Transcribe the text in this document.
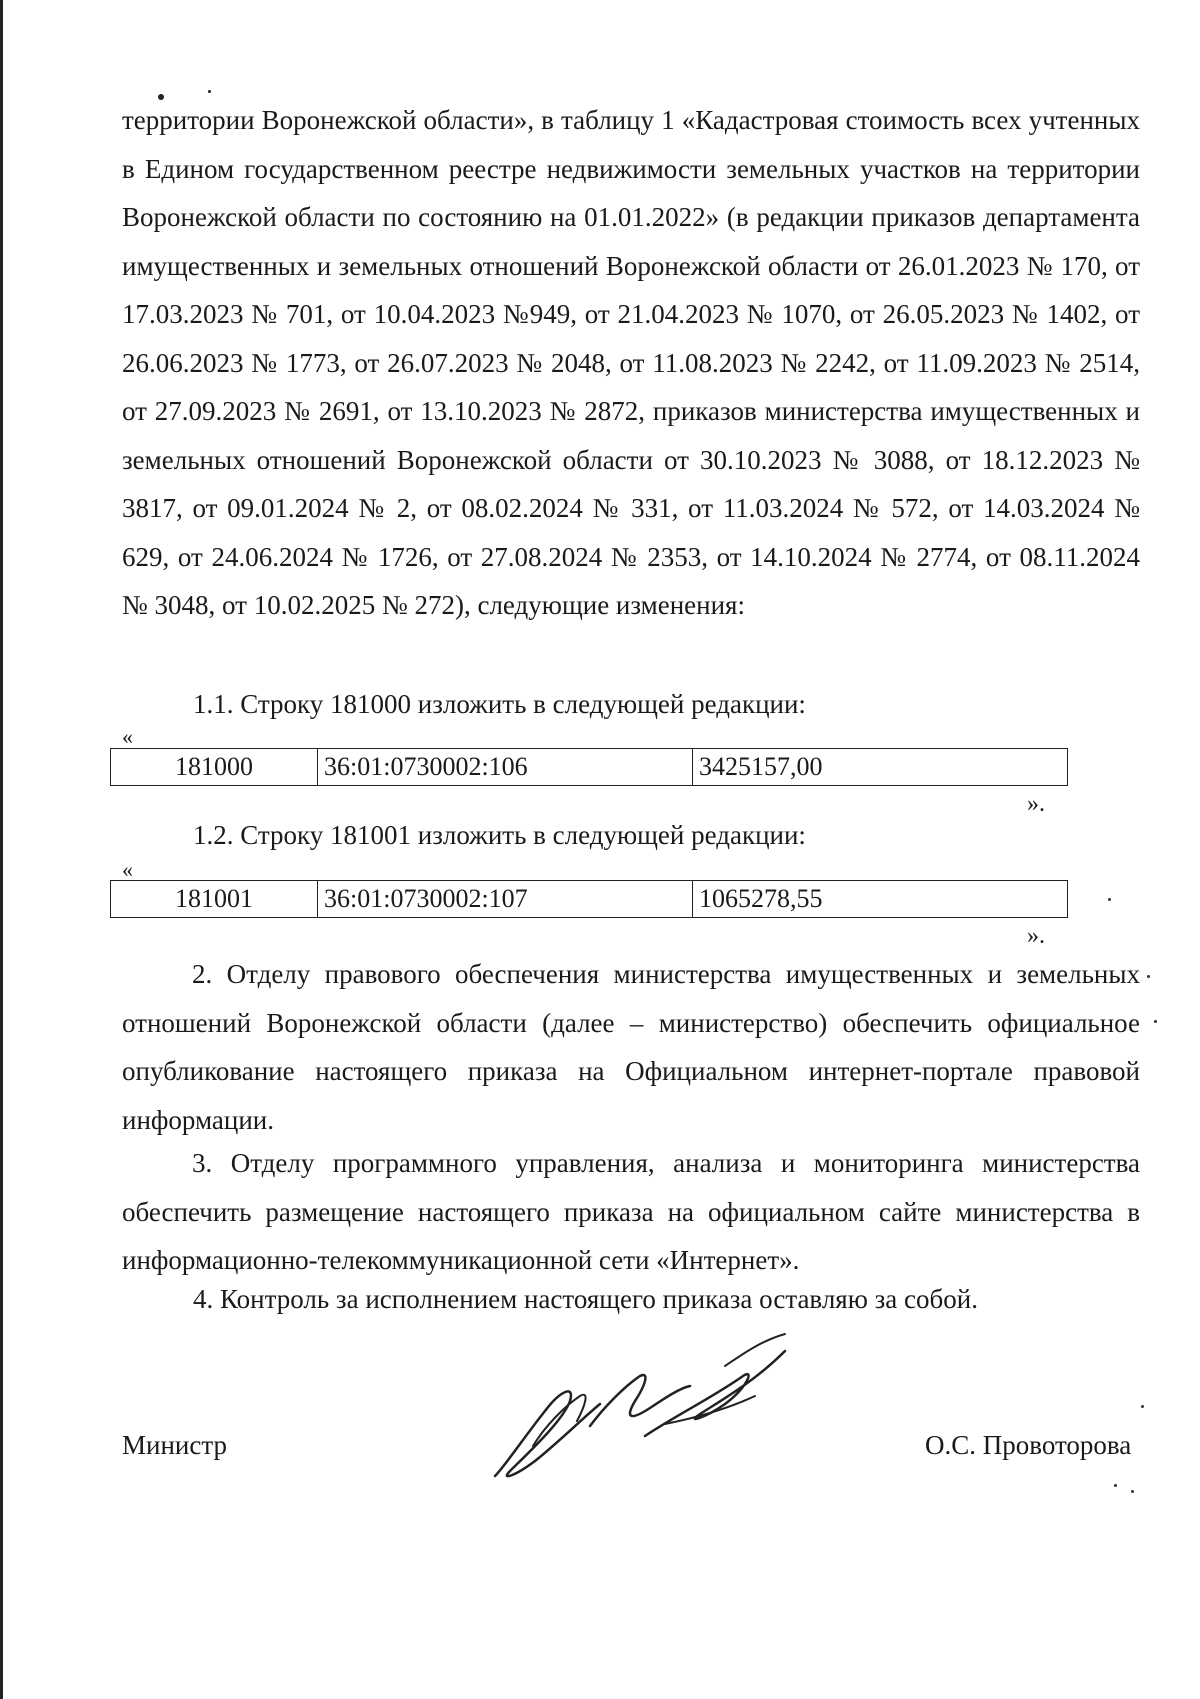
территории Воронежской области», в таблицу 1 «Кадастровая стоимость всех учтенных в Едином государственном реестре недвижимости земельных участков на территории Воронежской области по состоянию на 01.01.2022» (в редакции приказов департамента имущественных и земельных отношений Воронежской области от 26.01.2023 № 170, от 17.03.2023 № 701, от 10.04.2023 №949, от 21.04.2023 № 1070, от 26.05.2023 № 1402, от 26.06.2023 № 1773, от 26.07.2023 № 2048, от 11.08.2023 № 2242, от 11.09.2023 № 2514, от 27.09.2023 № 2691, от 13.10.2023 № 2872, приказов министерства имущественных и земельных отношений Воронежской области от 30.10.2023 № 3088, от 18.12.2023 № 3817, от 09.01.2024 № 2, от 08.02.2024 № 331, от 11.03.2024 № 572, от 14.03.2024 № 629, от 24.06.2024 № 1726, от 27.08.2024 № 2353, от 14.10.2024 № 2774, от 08.11.2024 № 3048, от 10.02.2025 № 272), следующие изменения:

1.1. Строку 181000 изложить в следующей редакции:

«
181000	36:01:0730002:106	3425157,00
».

1.2. Строку 181001 изложить в следующей редакции:

«
181001	36:01:0730002:107	1065278,55
».

2. Отделу правового обеспечения министерства имущественных и земельных отношений Воронежской области (далее – министерство) обеспечить официальное опубликование настоящего приказа на Официальном интернет-портале правовой информации.

3. Отделу программного управления, анализа и мониторинга министерства обеспечить размещение настоящего приказа на официальном сайте министерства в информационно-телекоммуникационной сети «Интернет».

4. Контроль за исполнением настоящего приказа оставляю за собой.

Министр	О.С. Провоторова
